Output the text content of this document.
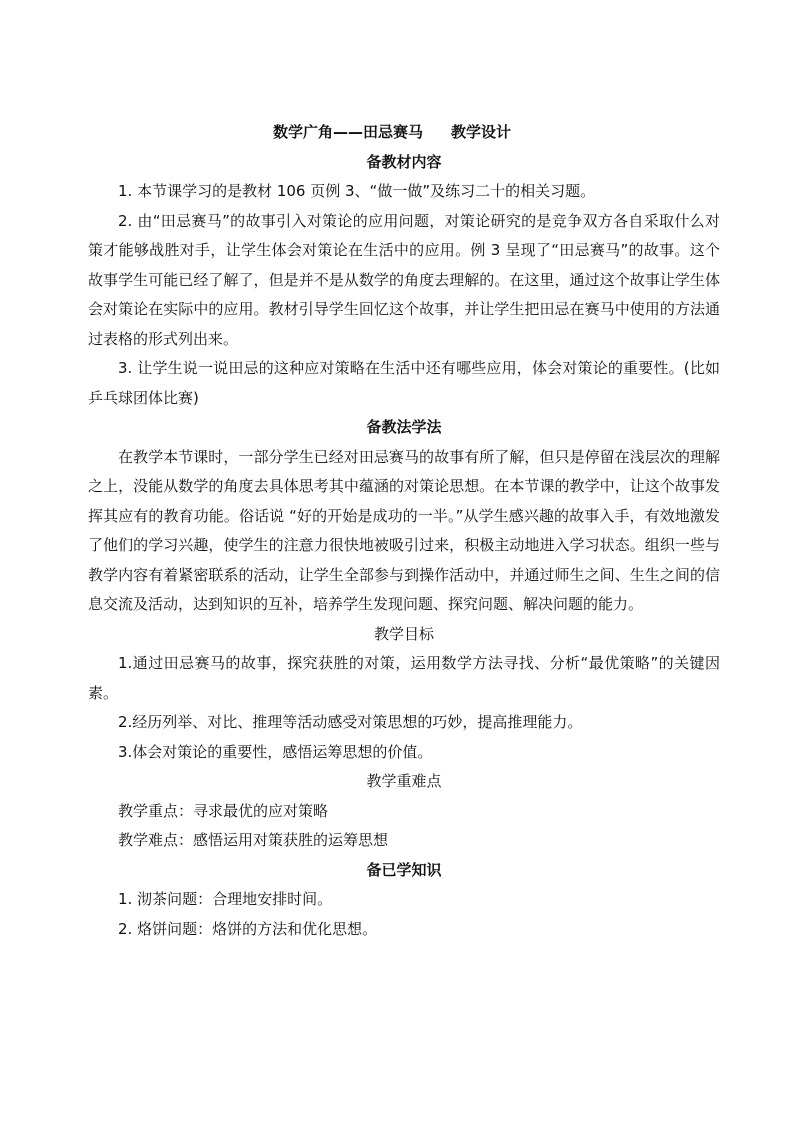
数学广角——田忌赛马 教学设计

备教材内容

1. 本节课学习的是教材 106 页例 3、“做一做”及练习二十的相关习题。

2. 由“田忌赛马”的故事引入对策论的应用问题，对策论研究的是竞争双方各自采取什么对策才能够战胜对手，让学生体会对策论在生活中的应用。例 3 呈现了“田忌赛马”的故事。这个故事学生可能已经了解了，但是并不是从数学的角度去理解的。在这里，通过这个故事让学生体会对策论在实际中的应用。教材引导学生回忆这个故事，并让学生把田忌在赛马中使用的方法通过表格的形式列出来。

3. 让学生说一说田忌的这种应对策略在生活中还有哪些应用，体会对策论的重要性。(比如乒乓球团体比赛)

备教法学法

在教学本节课时，一部分学生已经对田忌赛马的故事有所了解，但只是停留在浅层次的理解之上，没能从数学的角度去具体思考其中蕴涵的对策论思想。在本节课的教学中，让这个故事发挥其应有的教育功能。俗话说 “好的开始是成功的一半。”从学生感兴趣的故事入手，有效地激发了他们的学习兴趣，使学生的注意力很快地被吸引过来，积极主动地进入学习状态。组织一些与教学内容有着紧密联系的活动，让学生全部参与到操作活动中，并通过师生之间、生生之间的信息交流及活动，达到知识的互补，培养学生发现问题、探究问题、解决问题的能力。

教学目标

1.通过田忌赛马的故事，探究获胜的对策，运用数学方法寻找、分析“最优策略”的关键因素。

2.经历列举、对比、推理等活动感受对策思想的巧妙，提高推理能力。

3.体会对策论的重要性，感悟运筹思想的价值。

教学重难点

教学重点：寻求最优的应对策略

教学难点：感悟运用对策获胜的运筹思想

备已学知识

1. 沏茶问题：合理地安排时间。

2. 烙饼问题：烙饼的方法和优化思想。
